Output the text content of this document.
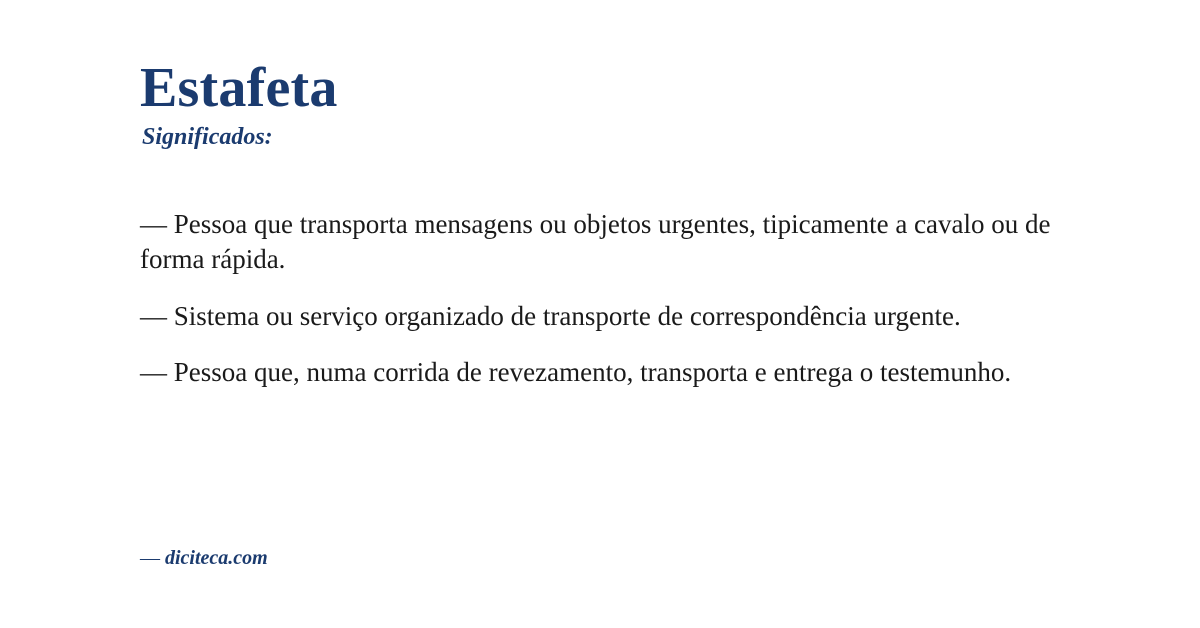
Estafeta
Significados:

— Pessoa que transporta mensagens ou objetos urgentes, tipicamente a cavalo ou de forma rápida.

— Sistema ou serviço organizado de transporte de correspondência urgente.

— Pessoa que, numa corrida de revezamento, transporta e entrega o testemunho.

— diciteca.com
